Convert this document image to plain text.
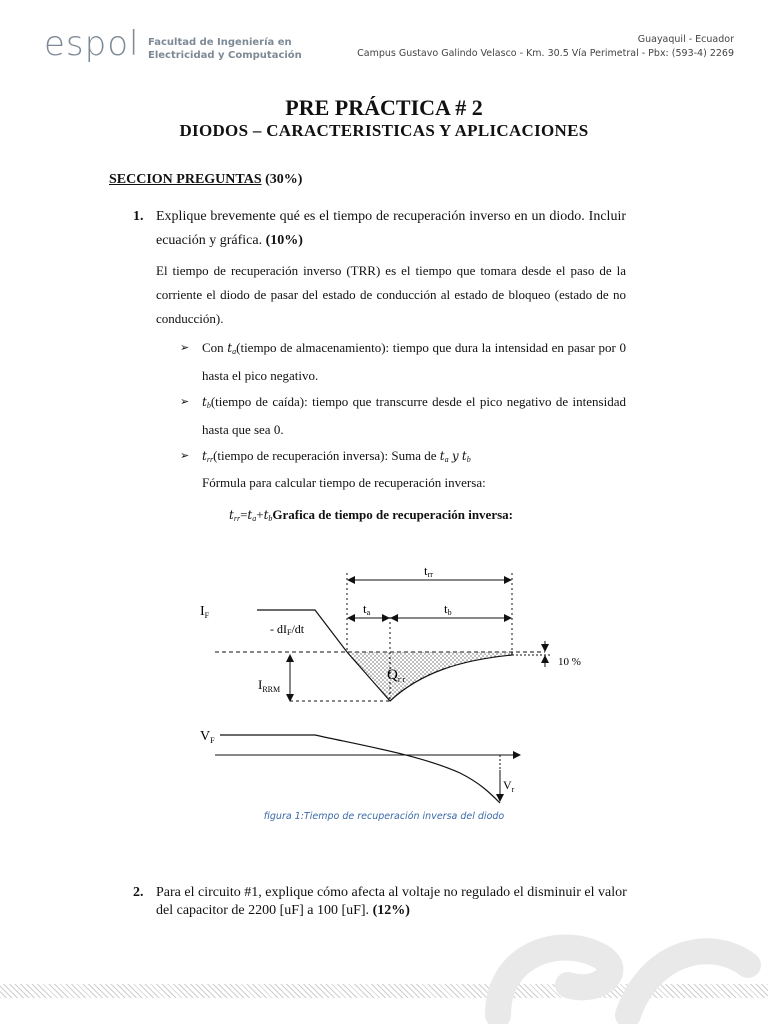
espol Facultad de Ingeniería en
Electricidad y Computación
Guayaquil - Ecuador
Campus Gustavo Galindo Velasco - Km. 30.5 Vía Perimetral - Pbx: (593-4) 2269
PRE PRÁCTICA # 2
DIODOS – CARACTERISTICAS Y APLICACIONES
SECCION PREGUNTAS (30%)
1. Explique brevemente qué es el tiempo de recuperación inverso en un diodo. Incluir ecuación y gráfica. (10%)
El tiempo de recuperación inverso (TRR) es el tiempo que tomara desde el paso de la corriente el diodo de pasar del estado de conducción al estado de bloqueo (estado de no conducción).
➢ Con $t_a(tiempo$ de almacenamiento): tiempo que dura la intensidad en pasar por 0 hasta el pico negativo.
➢ $t_b(tiempo$ de caída): tiempo que transcurre desde el pico negativo de intensidad hasta que sea 0.
➢ $t_{rr}(tiempo$ de recuperación inversa): Suma de $t_a$ y $t_b$
Fórmula para calcular tiempo de recuperación inversa:
$t_{rr}=t_a+t_bGrafica$ de tiempo de recuperación inversa:
trr
ta	tb
$I_F$
- dIF/dt
$I_{RRM}$
$Q_{r r}$
10 %
$V_F$
$V_r$
figura 1:Tiempo de recuperación inversa del diodo
2. Para el circuito #1, explique cómo afecta al voltaje no regulado el disminuir el valor del capacitor de 2200 [uF] a 100 [uF]. (12%)
